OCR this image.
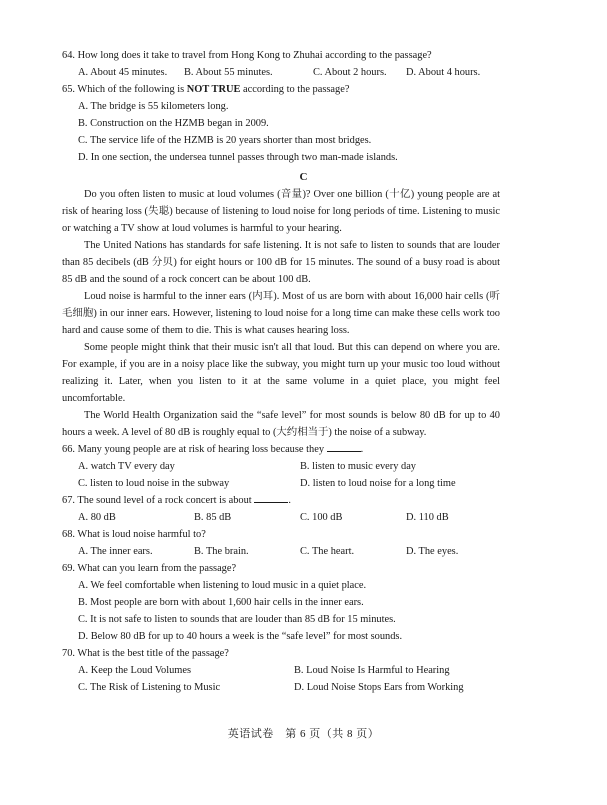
64. How long does it take to travel from Hong Kong to Zhuhai according to the passage?
A. About 45 minutes. B. About 55 minutes.	C. About 2 hours. D. About 4 hours.
65. Which of the following is NOT TRUE according to the passage?
A. The bridge is 55 kilometers long.
B. Construction on the HZMB began in 2009.
C. The service life of the HZMB is 20 years shorter than most bridges.
D. In one section, the undersea tunnel passes through two man-made islands.
C

Do you often listen to music at loud volumes (音量)? Over one billion (十亿) young people are at risk of hearing loss (失聪) because of listening to loud noise for long periods of time. Listening to music or watching a TV show at loud volumes is harmful to your hearing.

The United Nations has standards for safe listening. It is not safe to listen to sounds that are louder than 85 decibels (dB 分贝) for eight hours or 100 dB for 15 minutes. The sound of a busy road is about 85 dB and the sound of a rock concert can be about 100 dB.

Loud noise is harmful to the inner ears (内耳). Most of us are born with about 16,000 hair cells (听毛细胞) in our inner ears. However, listening to loud noise for a long time can make these cells work too hard and cause some of them to die. This is what causes hearing loss.

Some people might think that their music isn't all that loud. But this can depend on where you are. For example, if you are in a noisy place like the subway, you might turn up your music too loud without realizing it. Later, when you listen to it at the same volume in a quiet place, you might feel uncomfortable.

The World Health Organization said the “safe level” for most sounds is below 80 dB for up to 40 hours a week. A level of 80 dB is roughly equal to (大约相当于) the noise of a subway.

66. Many young people are at risk of hearing loss because they	.
A. watch TV every day	B. listen to music every day
C. listen to loud noise in the subway	D. listen to loud noise for a long time
67. The sound level of a rock concert is about	.
A. 80 dB	B. 85 dB	C. 100 dB	D. 110 dB
68. What is loud noise harmful to?
A. The inner ears.	B. The brain.	C. The heart.	D. The eyes.
69. What can you learn from the passage?
A. We feel comfortable when listening to loud music in a quiet place.
B. Most people are born with about 1,600 hair cells in the inner ears.
C. It is not safe to listen to sounds that are louder than 85 dB for 15 minutes.
D. Below 80 dB for up to 40 hours a week is the “safe level” for most sounds.
70. What is the best title of the passage?
A. Keep the Loud Volumes	B. Loud Noise Is Harmful to Hearing
C. The Risk of Listening to Music	D. Loud Noise Stops Ears from Working
英语试卷　第 6 页（共 8 页）
